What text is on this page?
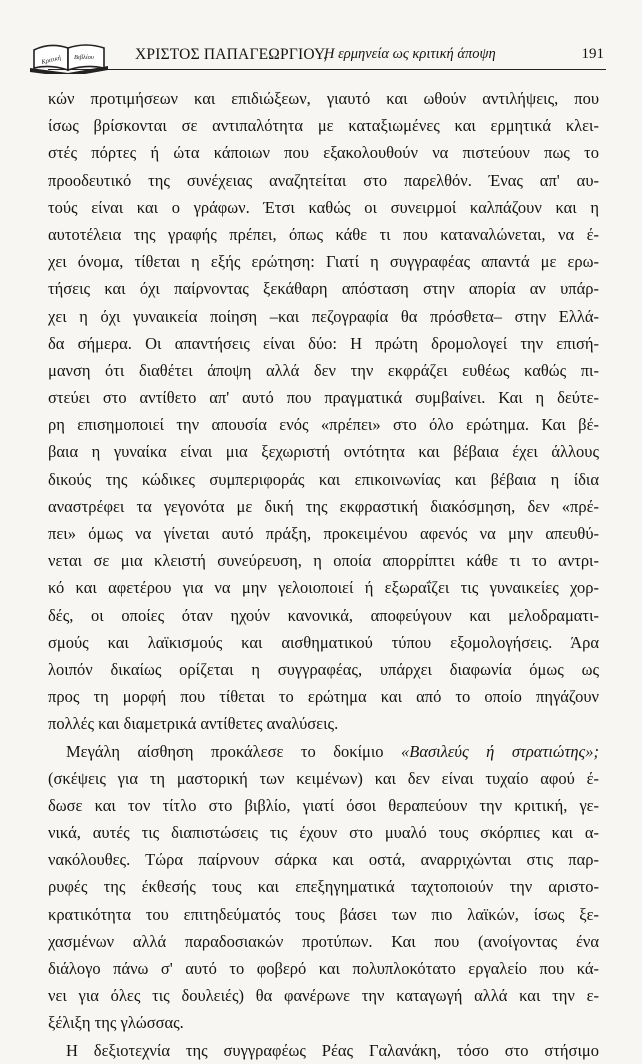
Κριτική Βιβλίου	ΧΡΙΣΤΟΣ ΠΑΠΑΓΕΩΡΓΙΟΥ,
Η ερμηνεία ως κριτική άποψη	191
κών προτιμήσεων και επιδιώξεων, γιαυτό και ωθούν αντιλήψεις, που
ίσως βρίσκονται σε αντιπαλότητα με καταξιωμένες και ερμητικά κλει-
στές πόρτες ή ώτα κάποιων που εξακολουθούν να πιστεύουν πως το
προοδευτικό της συνέχειας αναζητείται στο παρελθόν. Ένας απ' αυ-
τούς είναι και ο γράφων. Έτσι καθώς οι συνειρμοί καλπάζουν και η
αυτοτέλεια της γραφής πρέπει, όπως κάθε τι που καταναλώνεται, να έ-
χει όνομα, τίθεται η εξής ερώτηση: Γιατί η συγγραφέας απαντά με ερω-
τήσεις και όχι παίρνοντας ξεκάθαρη απόσταση στην απορία αν υπάρ-
χει η όχι γυναικεία ποίηση –και πεζογραφία θα πρόσθετα– στην Ελλά-
δα σήμερα. Οι απαντήσεις είναι δύο: Η πρώτη δρομολογεί την επισή-
μανση ότι διαθέτει άποψη αλλά δεν την εκφράζει ευθέως καθώς πι-
στεύει στο αντίθετο απ' αυτό που πραγματικά συμβαίνει. Και η δεύτε-
ρη επισημοποιεί την απουσία ενός «πρέπει» στο όλο ερώτημα. Και βέ-
βαια η γυναίκα είναι μια ξεχωριστή οντότητα και βέβαια έχει άλλους
δικούς της κώδικες συμπεριφοράς και επικοινωνίας και βέβαια η ίδια
αναστρέφει τα γεγονότα με δική της εκφραστική διακόσμηση, δεν «πρέ-
πει» όμως να γίνεται αυτό πράξη, προκειμένου αφενός να μην απευθύ-
νεται σε μια κλειστή συνεύρευση, η οποία απορρίπτει κάθε τι το αντρι-
κό και αφετέρου για να μην γελοιοποιεί ή εξωραΐζει τις γυναικείες χορ-
δές, οι οποίες όταν ηχούν κανονικά, αποφεύγουν και μελοδραματι-
σμούς και λαϊκισμούς και αισθηματικού τύπου εξομολογήσεις. Άρα
λοιπόν δικαίως ορίζεται η συγγραφέας, υπάρχει διαφωνία όμως ως
προς τη μορφή που τίθεται το ερώτημα και από το οποίο πηγάζουν
πολλές και διαμετρικά αντίθετες αναλύσεις.
Μεγάλη αίσθηση προκάλεσε το δοκίμιο «Βασιλεύς ή στρατιώτης»;
(σκέψεις για τη μαστορική των κειμένων) και δεν είναι τυχαίο αφού έ-
δωσε και τον τίτλο στο βιβλίο, γιατί όσοι θεραπεύουν την κριτική, γε-
νικά, αυτές τις διαπιστώσεις τις έχουν στο μυαλό τους σκόρπιες και α-
νακόλουθες. Τώρα παίρνουν σάρκα και οστά, αναρριχώνται στις παρ-
ρυφές της έκθεσής τους και επεξηγηματικά ταχτοποιούν την αριστο-
κρατικότητα του επιτηδεύματός τους βάσει των πιο λαϊκών, ίσως ξε-
χασμένων αλλά παραδοσιακών προτύπων. Και που (ανοίγοντας ένα
διάλογο πάνω σ' αυτό το φοβερό και πολυπλοκότατο εργαλείο που κά-
νει για όλες τις δουλειές) θα φανέρωνε την καταγωγή αλλά και την ε-
ξέλιξη της γλώσσας.
Η δεξιοτεχνία της συγγραφέως Ρέας Γαλανάκη, τόσο στο στήσιμο
